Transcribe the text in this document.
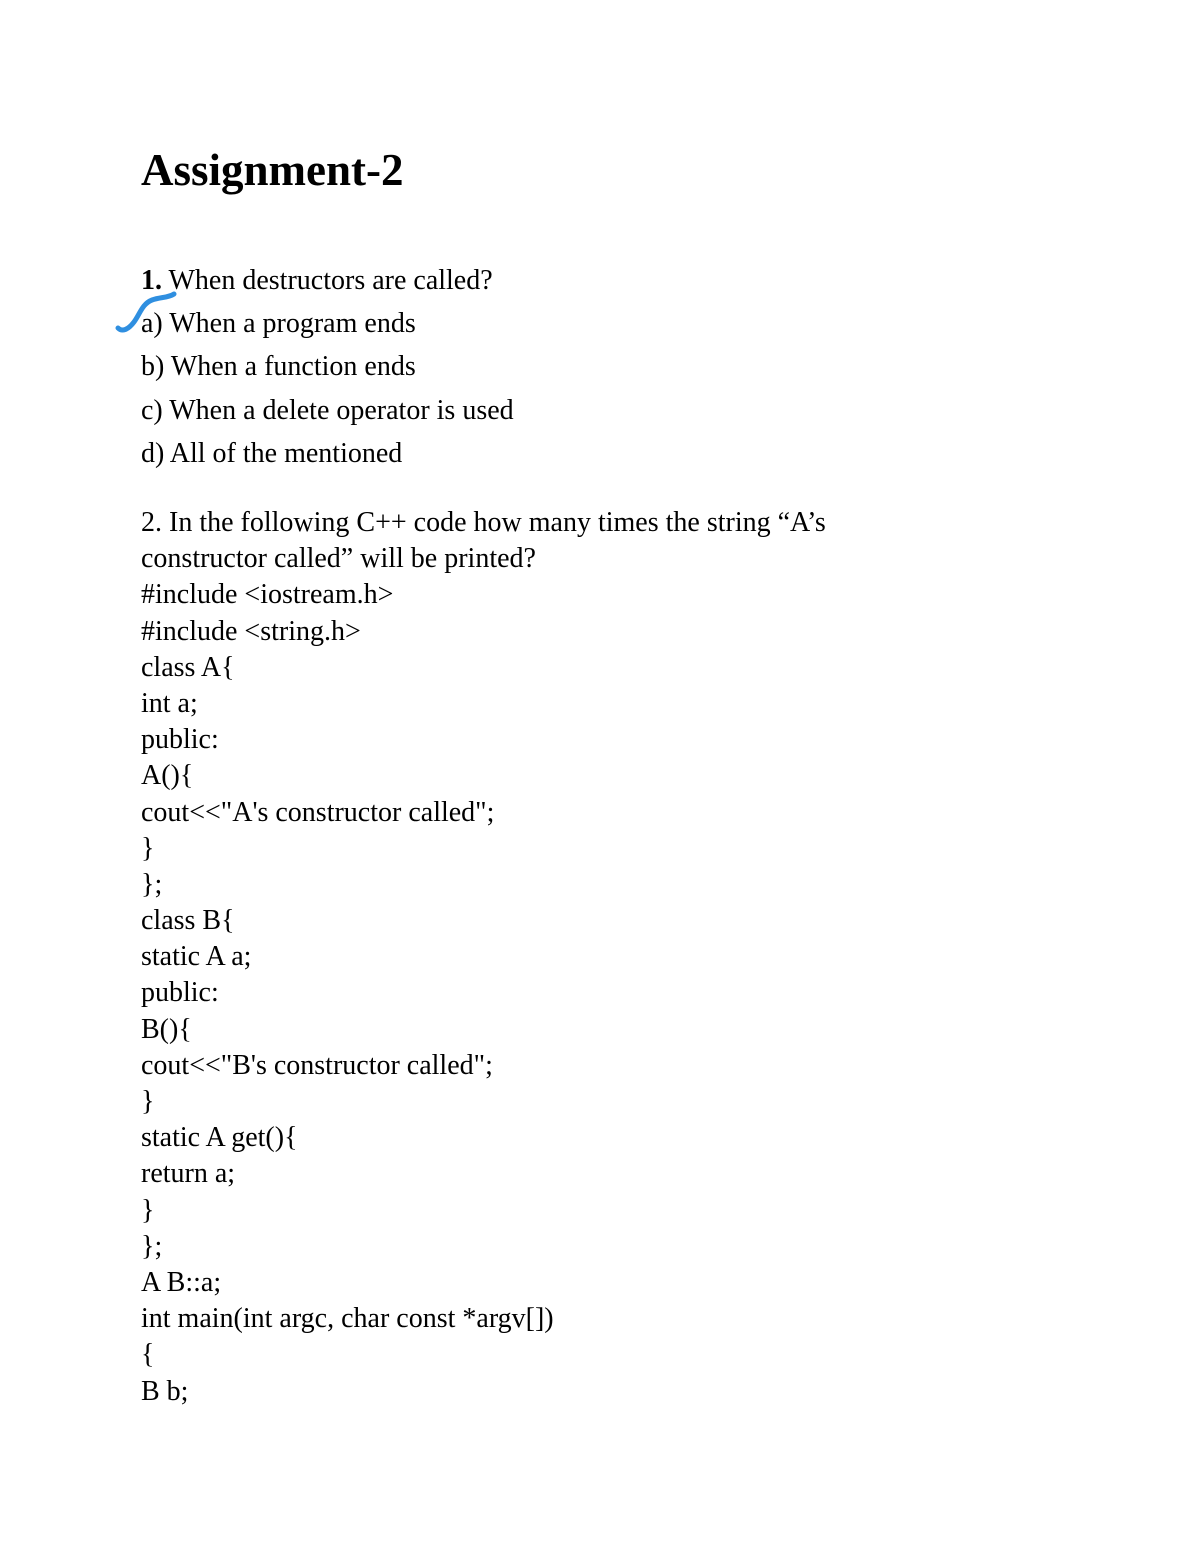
Assignment-2
1. When destructors are called?
a) When a program ends
b) When a function ends
c) When a delete operator is used
d) All of the mentioned
2. In the following C++ code how many times the string “A’s
constructor called” will be printed?
#include <iostream.h>
#include <string.h>
class A{
int a;
public:
A(){
cout<<"A's constructor called";
}
};
class B{
static A a;
public:
B(){
cout<<"B's constructor called";
}
static A get(){
return a;
}
};
A B::a;
int main(int argc, char const *argv[])
{
B b;
